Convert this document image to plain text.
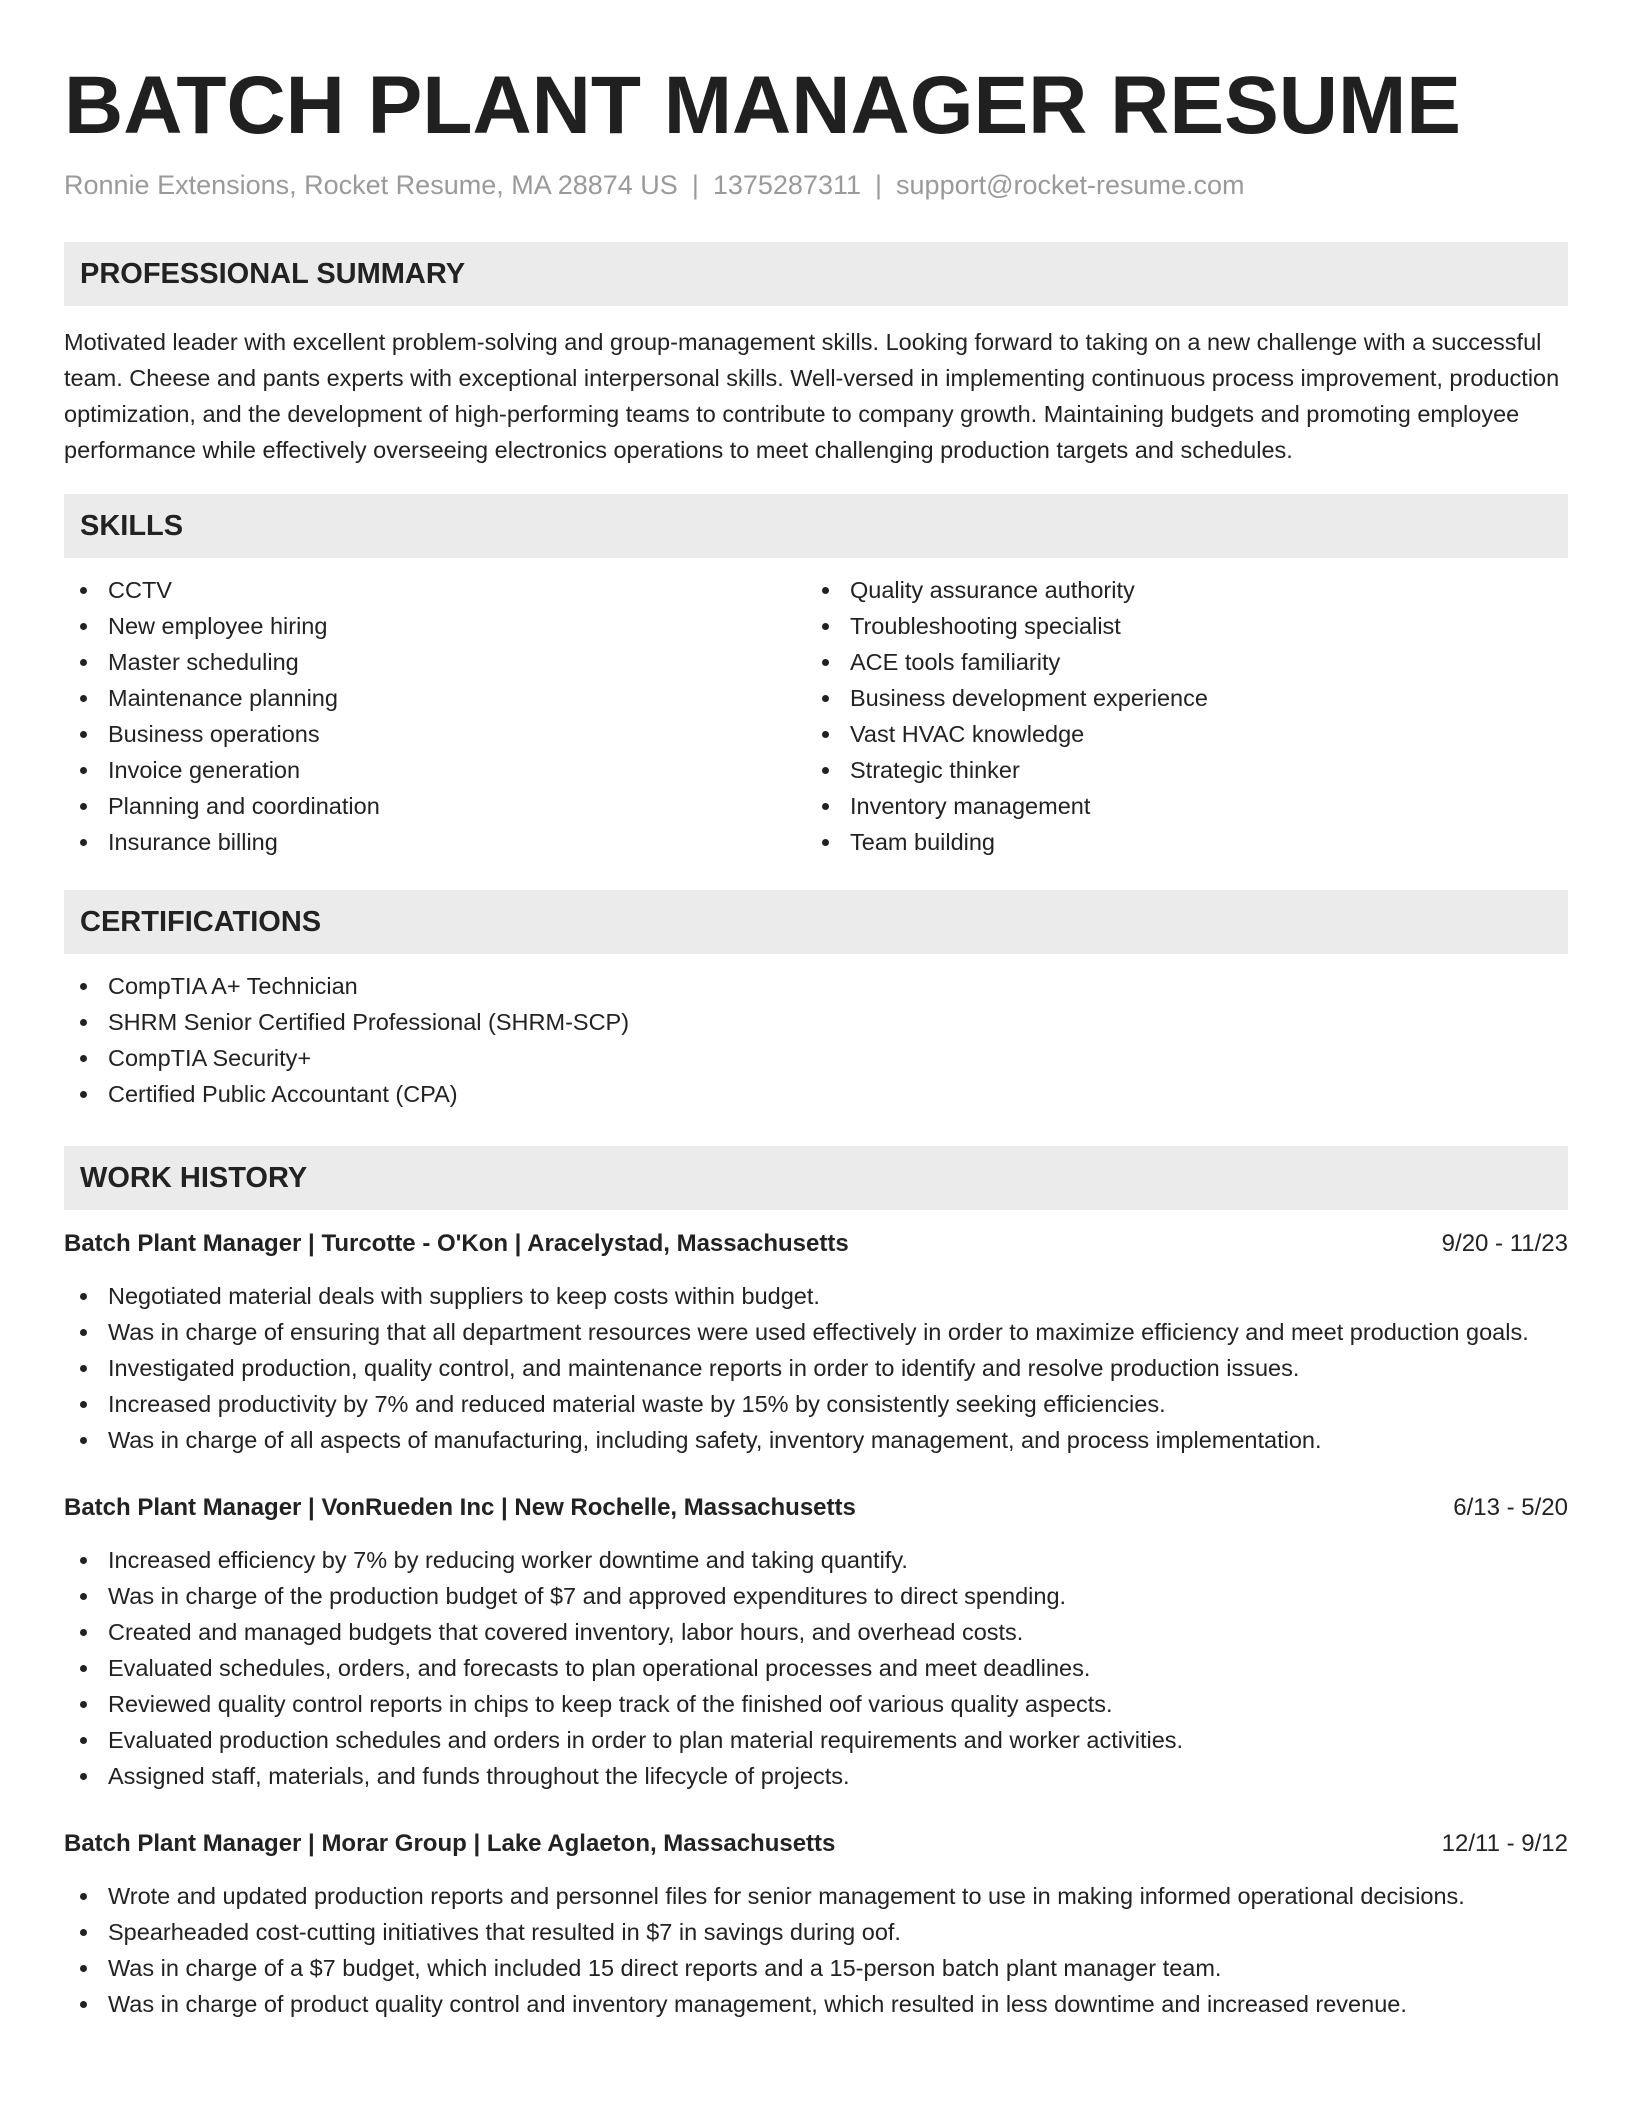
BATCH PLANT MANAGER RESUME
Ronnie Extensions, Rocket Resume, MA 28874 US | 1375287311 | support@rocket-resume.com
PROFESSIONAL SUMMARY

Motivated leader with excellent problem-solving and group-management skills. Looking forward to taking on a new challenge with a successful team. Cheese and pants experts with exceptional interpersonal skills. Well-versed in implementing continuous process improvement, production optimization, and the development of high-performing teams to contribute to company growth. Maintaining budgets and promoting employee performance while effectively overseeing electronics operations to meet challenging production targets and schedules.

SKILLS
CCTV
New employee hiring
Master scheduling
Maintenance planning
Business operations
Invoice generation
Planning and coordination
Insurance billing
Quality assurance authority
Troubleshooting specialist
ACE tools familiarity
Business development experience
Vast HVAC knowledge
Strategic thinker
Inventory management
Team building
CERTIFICATIONS
CompTIA A+ Technician
SHRM Senior Certified Professional (SHRM-SCP)
CompTIA Security+
Certified Public Accountant (CPA)
WORK HISTORY
Batch Plant Manager | Turcotte - O'Kon | Aracelystad, Massachusetts	9/20 - 11/23
Negotiated material deals with suppliers to keep costs within budget.
Was in charge of ensuring that all department resources were used effectively in order to maximize efficiency and meet production goals.
Investigated production, quality control, and maintenance reports in order to identify and resolve production issues.
Increased productivity by 7% and reduced material waste by 15% by consistently seeking efficiencies.
Was in charge of all aspects of manufacturing, including safety, inventory management, and process implementation.
Batch Plant Manager | VonRueden Inc | New Rochelle, Massachusetts	6/13 - 5/20
Increased efficiency by 7% by reducing worker downtime and taking quantify.
Was in charge of the production budget of $7 and approved expenditures to direct spending.
Created and managed budgets that covered inventory, labor hours, and overhead costs.
Evaluated schedules, orders, and forecasts to plan operational processes and meet deadlines.
Reviewed quality control reports in chips to keep track of the finished oof various quality aspects.
Evaluated production schedules and orders in order to plan material requirements and worker activities.
Assigned staff, materials, and funds throughout the lifecycle of projects.
Batch Plant Manager | Morar Group | Lake Aglaeton, Massachusetts	12/11 - 9/12
Wrote and updated production reports and personnel files for senior management to use in making informed operational decisions.
Spearheaded cost-cutting initiatives that resulted in $7 in savings during oof.
Was in charge of a $7 budget, which included 15 direct reports and a 15-person batch plant manager team.
Was in charge of product quality control and inventory management, which resulted in less downtime and increased revenue.
